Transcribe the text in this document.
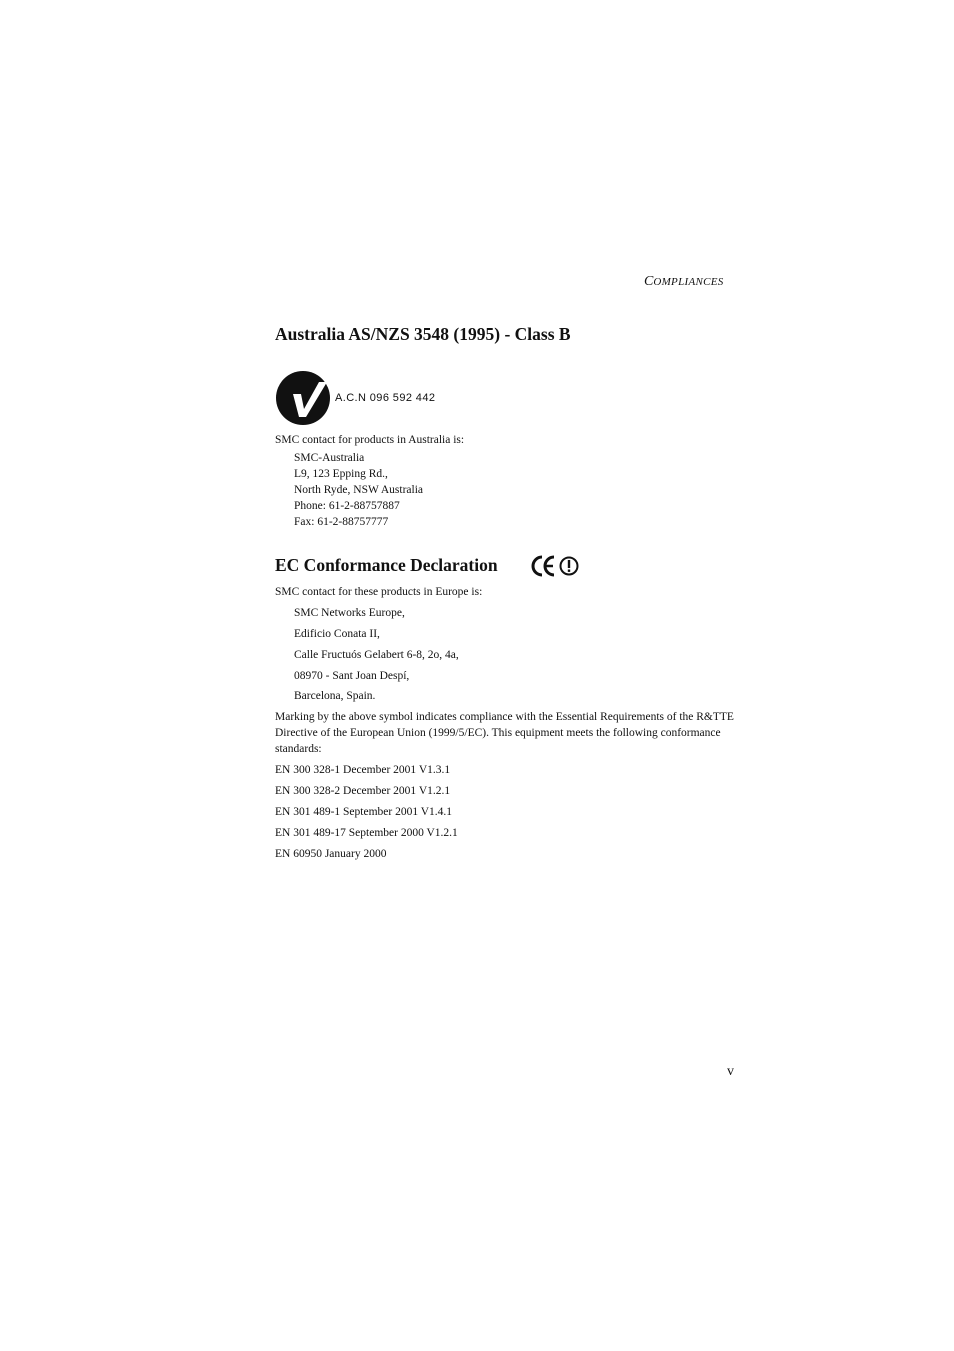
COMPLIANCES
Australia AS/NZS 3548 (1995) - Class B
A.C.N 096 592 442
SMC contact for products in Australia is:
SMC-Australia
L9, 123 Epping Rd.,
North Ryde, NSW Australia
Phone: 61-2-88757887
Fax: 61-2-88757777
EC Conformance Declaration
SMC contact for these products in Europe is:
SMC Networks Europe,
Edificio Conata II,
Calle Fructuós Gelabert 6-8, 2o, 4a,
08970 - Sant Joan Despí,
Barcelona, Spain.
Marking by the above symbol indicates compliance with the Essential Requirements of the R&TTE Directive of the European Union (1999/5/EC). This equipment meets the following conformance standards:
EN 300 328-1 December 2001 V1.3.1
EN 300 328-2 December 2001 V1.2.1
EN 301 489-1 September 2001 V1.4.1
EN 301 489-17 September 2000 V1.2.1
EN 60950 January 2000
v
